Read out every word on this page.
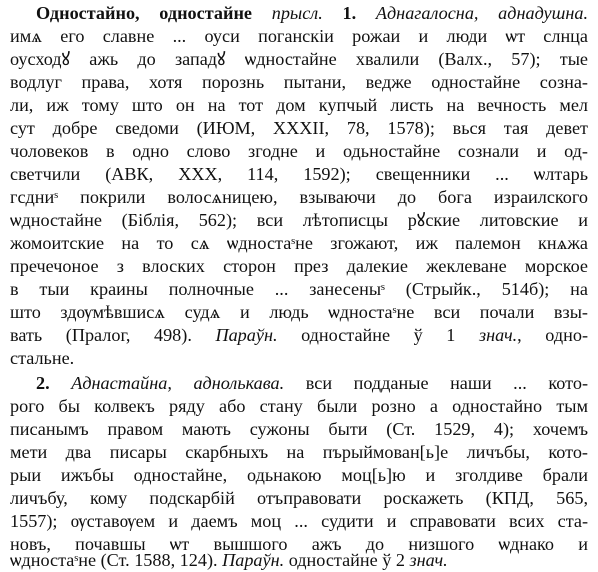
Одностайно, одностайне прысл. 1. Аднагалосна, аднадушна.
имѧ его славне ... оуси поганскіи рожаи и люди ѡт слнца
оусходꙋ ажь до западꙋ ѡдностайне хвалили (Валх., 57); тые
водлуг права, хотя порознь пытани, ведже одностайне созна-
ли, иж тому што он на тот дом купчый листь на вечность мел
сут добре сведоми (ИЮМ, XXXII, 78, 1578); вься тая девет
чоловеков в одно слово згодне и одьностайне сознали и од-
светчили (АВК, XXX, 114, 1592); свещенники ... ѡлтарь
гсдниˢ покрили волосѧницею, взываючи до бога израилского
ѡдностайне (Біблія, 562); вси лѣтописцы рꙋские литовские и
жомоитские на то сѧ ѡдностаˢне згожают, иж палемон кнѧжа
пречечоное з влоских сторон през далекие жеклеване морское
в тыи краины полночные ... занесеныˢ (Стрыйк., 514б); на
што здѹмѣвшисѧ судѧ и людь ѡдностаˢне вси почали взы-
вать (Пралог, 498). Параўн. одностайне ў 1 знач., одно-
стальне.
2. Аднастайна, аднолькава. вси подданые наши ... кото-
рого бы колвекъ ряду або стану были розно а одностайно тым
писанымъ правом мають сужоны быти (Ст. 1529, 4); хочемъ
мети два писары скарбныхъ на пърыймован[ь]е личъбы, кото-
рыи ижъбы одностайне, одьнакою моц[ь]ю и зголдиве брали
личъбу, кому подскарбій отъправовати роскажеть (КПД, 565,
1557); ѹставѹем и даемъ моц ... судити и справовати всих ста-
новъ, почавшы ѡт вышшого ажъ до низшого ѡднако и
ѡдностаˢне (Ст. 1588, 124). Параўн. одностайне ў 2 знач.
